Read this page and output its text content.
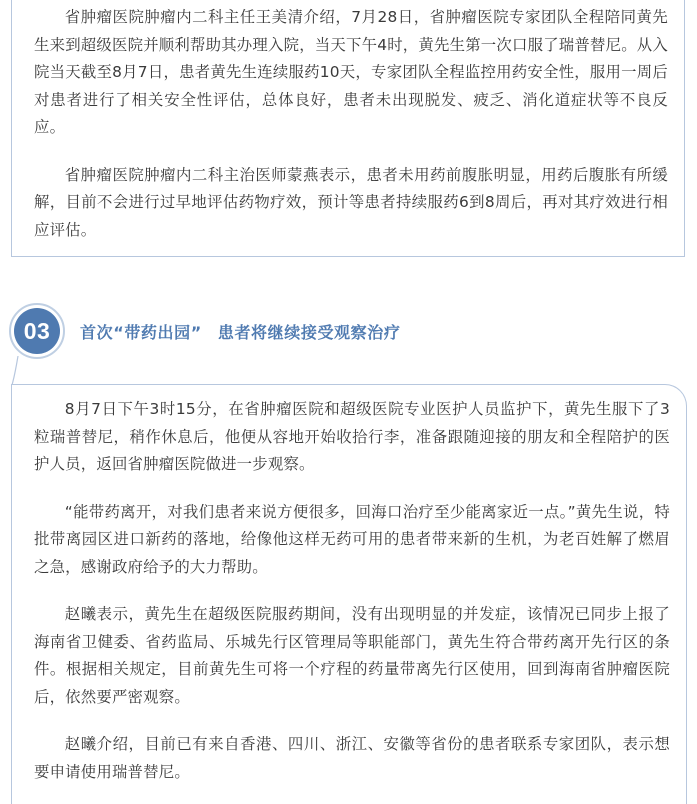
省肿瘤医院肿瘤内二科主任王美清介绍，7月28日，省肿瘤医院专家团队全程陪同黄先生来到超级医院并顺利帮助其办理入院，当天下午4时，黄先生第一次口服了瑞普替尼。从入院当天截至8月7日，患者黄先生连续服药10天，专家团队全程监控用药安全性，服用一周后对患者进行了相关安全性评估，总体良好，患者未出现脱发、疲乏、消化道症状等不良反应。

省肿瘤医院肿瘤内二科主治医师蒙燕表示，患者未用药前腹胀明显，用药后腹胀有所缓解，目前不会进行过早地评估药物疗效，预计等患者持续服药6到8周后，再对其疗效进行相应评估。

03	首次“带药出园” 患者将继续接受观察治疗

8月7日下午3时15分，在省肿瘤医院和超级医院专业医护人员监护下，黄先生服下了3粒瑞普替尼，稍作休息后，他便从容地开始收拾行李，准备跟随迎接的朋友和全程陪护的医护人员，返回省肿瘤医院做进一步观察。

“能带药离开，对我们患者来说方便很多，回海口治疗至少能离家近一点。”黄先生说，特批带离园区进口新药的落地，给像他这样无药可用的患者带来新的生机，为老百姓解了燃眉之急，感谢政府给予的大力帮助。

赵曦表示，黄先生在超级医院服药期间，没有出现明显的并发症，该情况已同步上报了海南省卫健委、省药监局、乐城先行区管理局等职能部门，黄先生符合带药离开先行区的条件。根据相关规定，目前黄先生可将一个疗程的药量带离先行区使用，回到海南省肿瘤医院后，依然要严密观察。

赵曦介绍，目前已有来自香港、四川、浙江、安徽等省份的患者联系专家团队，表示想要申请使用瑞普替尼。
